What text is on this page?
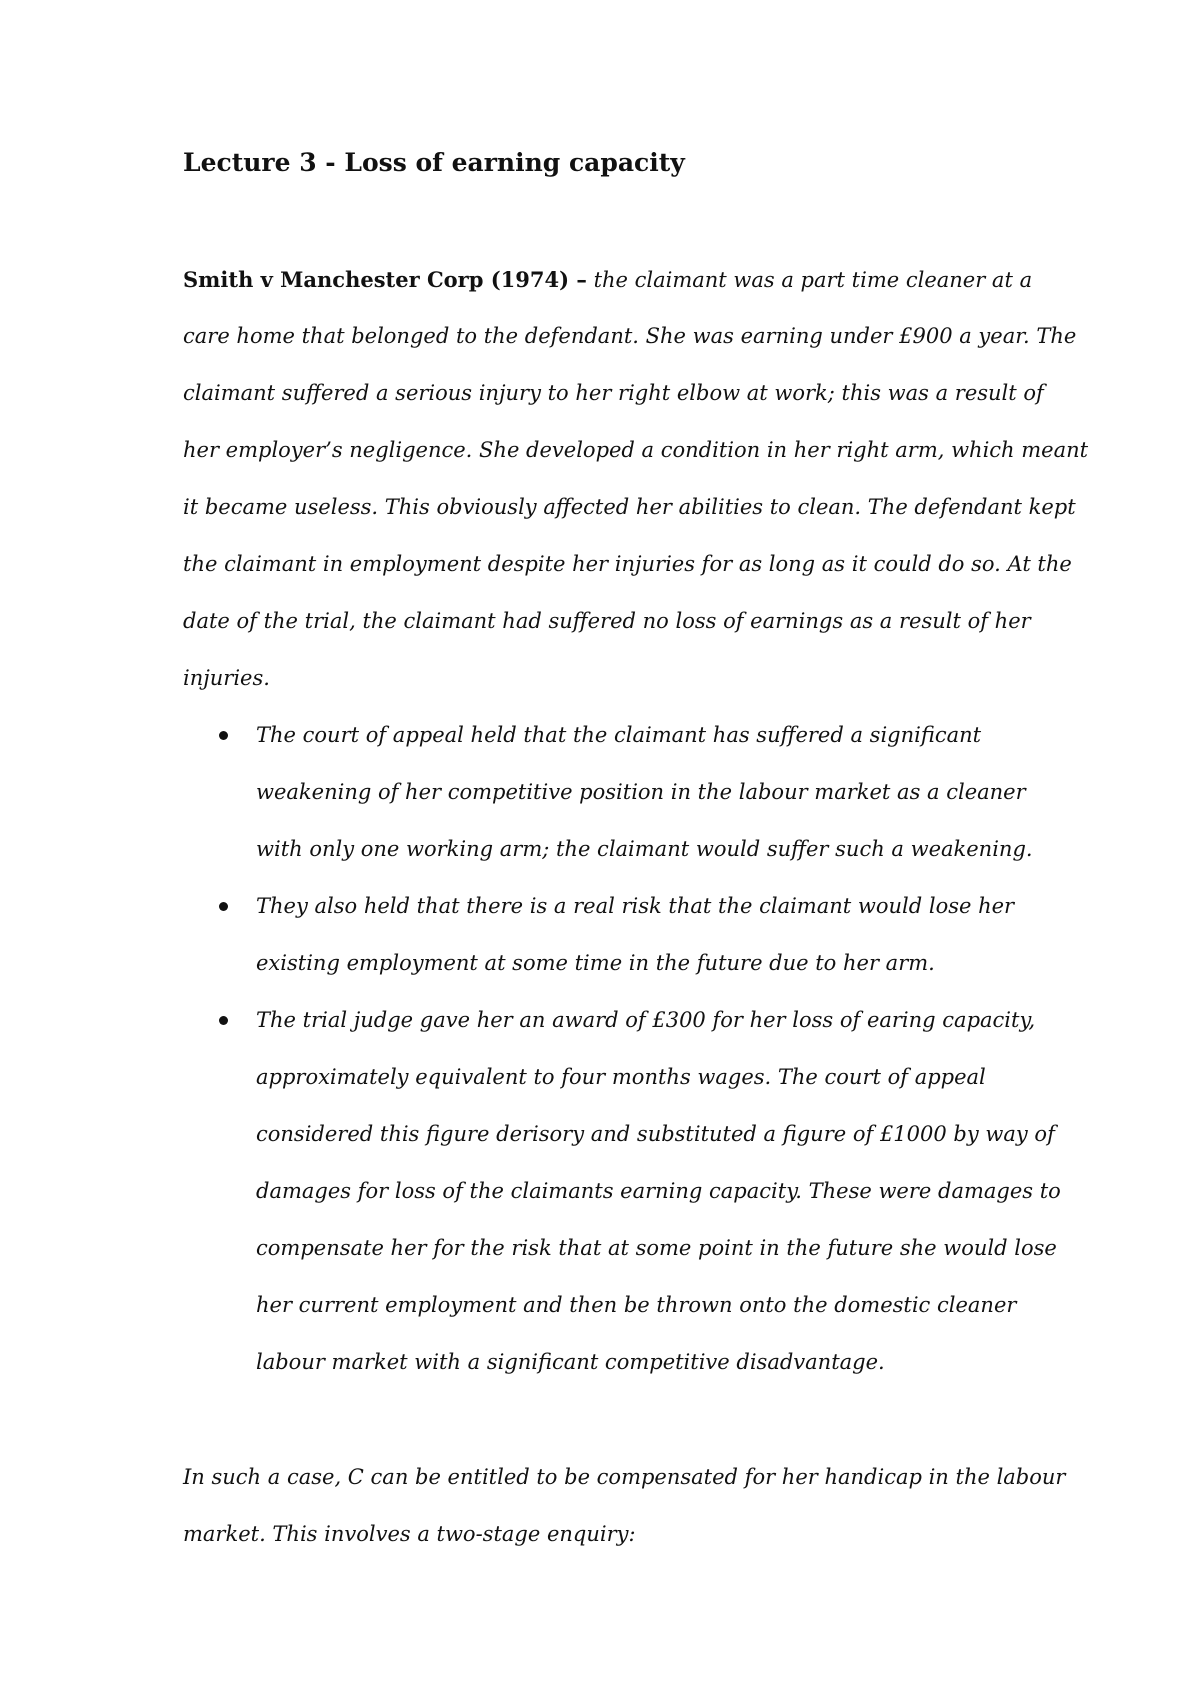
Lecture 3 - Loss of earning capacity

Smith v Manchester Corp (1974) – the claimant was a part time cleaner at a
care home that belonged to the defendant. She was earning under £900 a year. The
claimant suffered a serious injury to her right elbow at work; this was a result of
her employer’s negligence. She developed a condition in her right arm, which meant
it became useless. This obviously affected her abilities to clean. The defendant kept
the claimant in employment despite her injuries for as long as it could do so. At the
date of the trial, the claimant had suffered no loss of earnings as a result of her
injuries.

The court of appeal held that the claimant has suffered a significant
weakening of her competitive position in the labour market as a cleaner
with only one working arm; the claimant would suffer such a weakening.
They also held that there is a real risk that the claimant would lose her
existing employment at some time in the future due to her arm.
The trial judge gave her an award of £300 for her loss of earing capacity,
approximately equivalent to four months wages. The court of appeal
considered this figure derisory and substituted a figure of £1000 by way of
damages for loss of the claimants earning capacity. These were damages to
compensate her for the risk that at some point in the future she would lose
her current employment and then be thrown onto the domestic cleaner
labour market with a significant competitive disadvantage.

In such a case, C can be entitled to be compensated for her handicap in the labour
market. This involves a two-stage enquiry:
